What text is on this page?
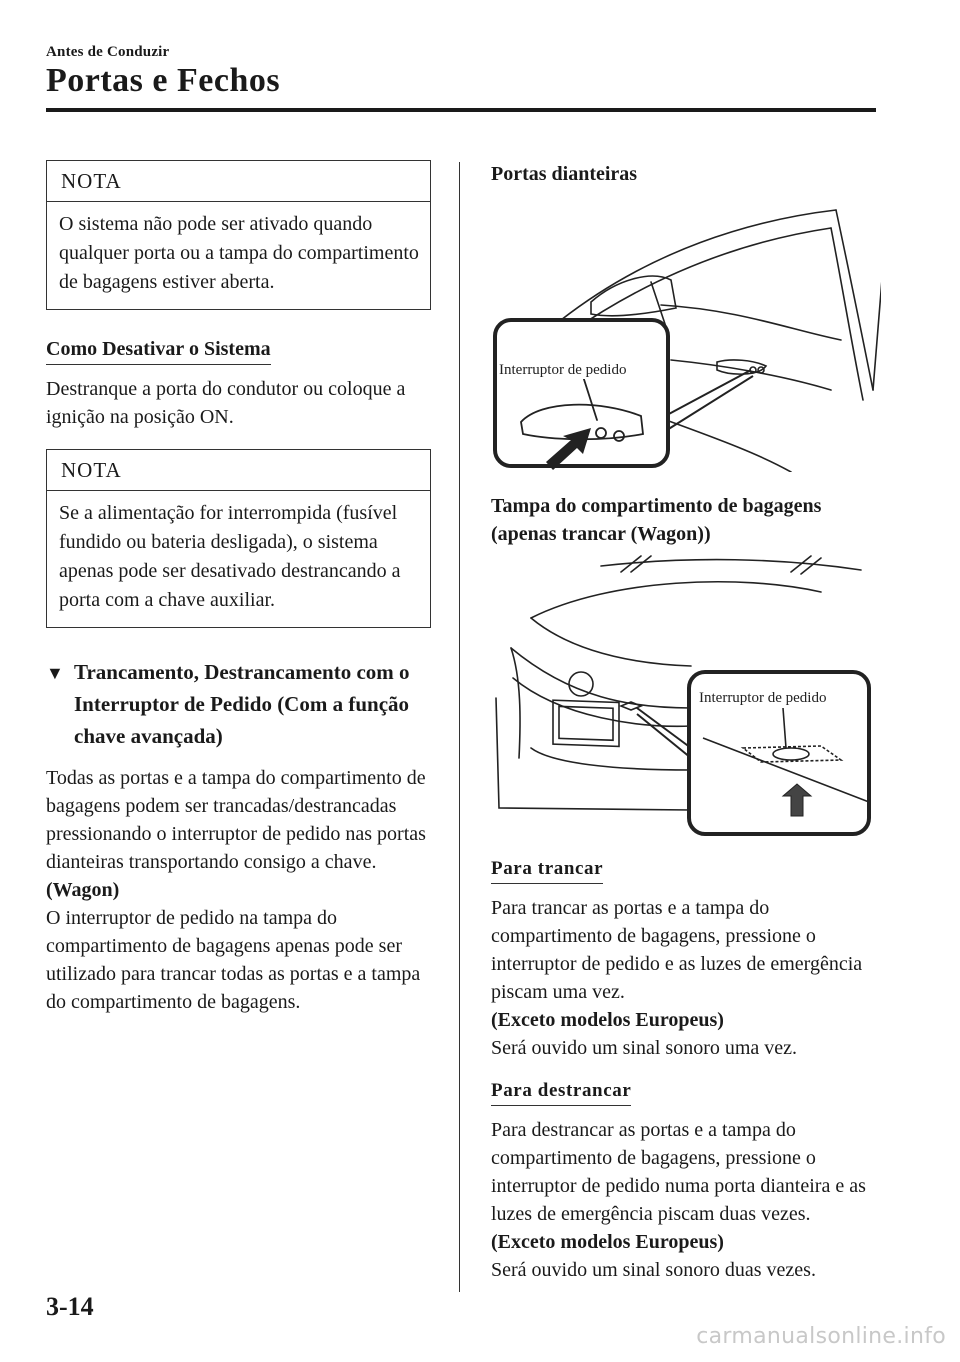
Antes de Conduzir
Portas e Fechos
NOTA
O sistema não pode ser ativado quando qualquer porta ou a tampa do compartimento de bagagens estiver aberta.
Como Desativar o Sistema

Destranque a porta do condutor ou coloque a ignição na posição ON.

NOTA
Se a alimentação for interrompida (fusível fundido ou bateria desligada), o sistema apenas pode ser desativado destrancando a porta com a chave auxiliar.
▼ Trancamento, Destrancamento com o Interruptor de Pedido (Com a função chave avançada)

Todas as portas e a tampa do compartimento de bagagens podem ser trancadas/destrancadas pressionando o interruptor de pedido nas portas dianteiras transportando consigo a chave.

(Wagon)

O interruptor de pedido na tampa do compartimento de bagagens apenas pode ser utilizado para trancar todas as portas e a tampa do compartimento de bagagens.

Portas dianteiras
Interruptor de pedido
Tampa do compartimento de bagagens (apenas trancar (Wagon))
Interruptor de pedido
Para trancar

Para trancar as portas e a tampa do compartimento de bagagens, pressione o interruptor de pedido e as luzes de emergência piscam uma vez.

(Exceto modelos Europeus)

Será ouvido um sinal sonoro uma vez.

Para destrancar

Para destrancar as portas e a tampa do compartimento de bagagens, pressione o interruptor de pedido numa porta dianteira e as luzes de emergência piscam duas vezes.

(Exceto modelos Europeus)

Será ouvido um sinal sonoro duas vezes.

3-14
carmanualsonline.info
